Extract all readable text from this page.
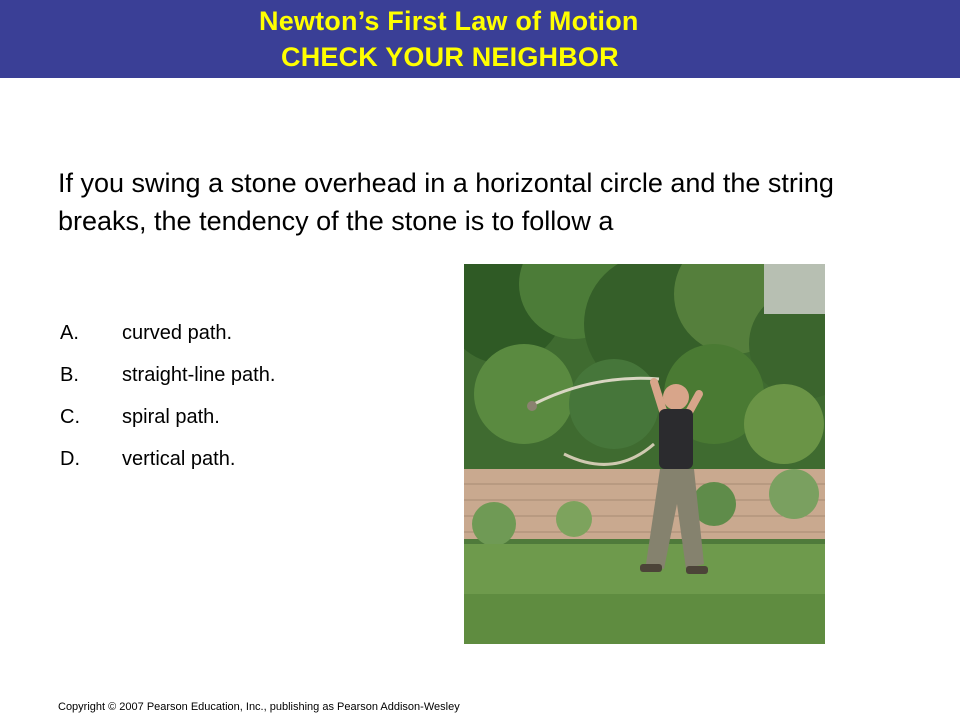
Newton’s First Law of Motion
CHECK YOUR NEIGHBOR
If you swing a stone overhead in a horizontal circle and the string breaks, the tendency of the stone is to follow a
A.	curved path.
B.	straight-line path.
C.	spiral path.
D.	vertical path.
Copyright © 2007 Pearson Education, Inc., publishing as Pearson Addison-Wesley
